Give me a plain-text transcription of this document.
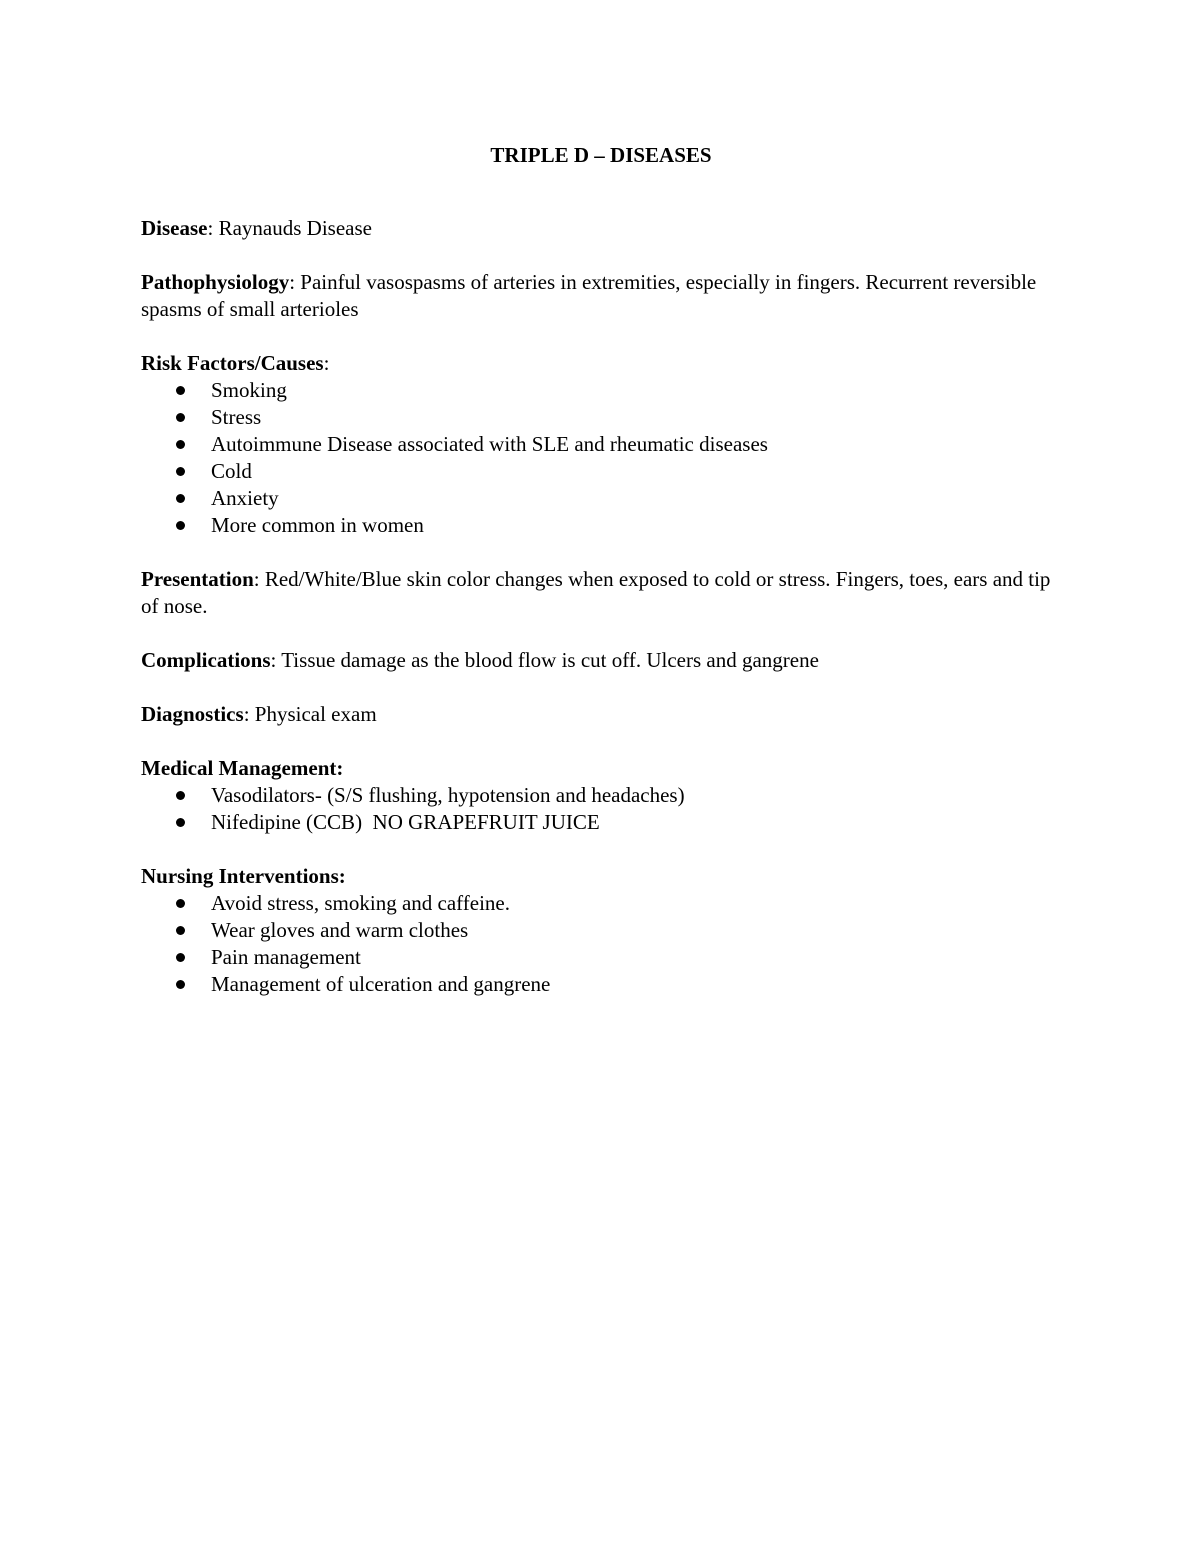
TRIPLE D – DISEASES
Disease: Raynauds Disease
Pathophysiology: Painful vasospasms of arteries in extremities, especially in fingers. Recurrent reversible spasms of small arterioles
Risk Factors/Causes:
Smoking
Stress
Autoimmune Disease associated with SLE and rheumatic diseases
Cold
Anxiety
More common in women
Presentation: Red/White/Blue skin color changes when exposed to cold or stress. Fingers, toes, ears and tip of nose.
Complications: Tissue damage as the blood flow is cut off. Ulcers and gangrene
Diagnostics: Physical exam
Medical Management:
Vasodilators- (S/S flushing, hypotension and headaches)
Nifedipine (CCB)  NO GRAPEFRUIT JUICE
Nursing Interventions:
Avoid stress, smoking and caffeine.
Wear gloves and warm clothes
Pain management
Management of ulceration and gangrene
